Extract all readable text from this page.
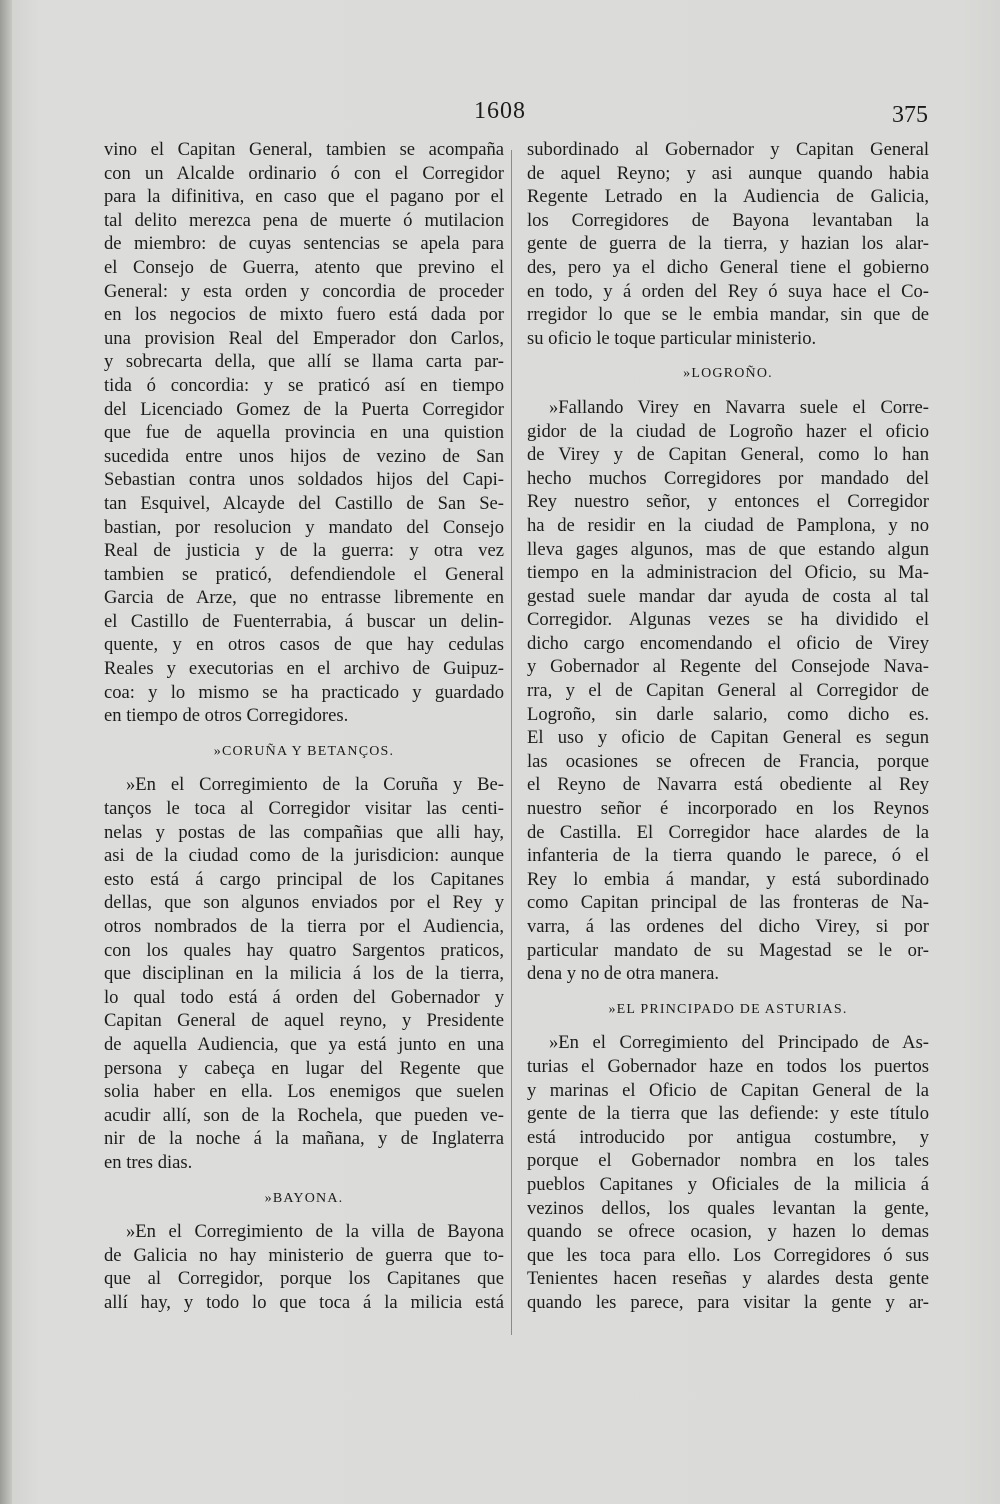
1608	375
vino el Capitan General, tambien se acompaña
con un Alcalde ordinario ó con el Corregidor
para la difinitiva, en caso que el pagano por el
tal delito merezca pena de muerte ó mutilacion
de miembro: de cuyas sentencias se apela para
el Consejo de Guerra, atento que previno el
General: y esta orden y concordia de proceder
en los negocios de mixto fuero está dada por
una provision Real del Emperador don Carlos,
y sobrecarta della, que allí se llama carta par-
tida ó concordia: y se praticó así en tiempo
del Licenciado Gomez de la Puerta Corregidor
que fue de aquella provincia en una quistion
sucedida entre unos hijos de vezino de San
Sebastian contra unos soldados hijos del Capi-
tan Esquivel, Alcayde del Castillo de San Se-
bastian, por resolucion y mandato del Consejo
Real de justicia y de la guerra: y otra vez
tambien se praticó, defendiendole el General
Garcia de Arze, que no entrasse libremente en
el Castillo de Fuenterrabia, á buscar un delin-
quente, y en otros casos de que hay cedulas
Reales y executorias en el archivo de Guipuz-
coa: y lo mismo se ha practicado y guardado
en tiempo de otros Corregidores.
»CORUÑA Y BETANÇOS.
»En el Corregimiento de la Coruña y Be-
tanços le toca al Corregidor visitar las centi-
nelas y postas de las compañias que alli hay,
asi de la ciudad como de la jurisdicion: aunque
esto está á cargo principal de los Capitanes
dellas, que son algunos enviados por el Rey y
otros nombrados de la tierra por el Audiencia,
con los quales hay quatro Sargentos praticos,
que disciplinan en la milicia á los de la tierra,
lo qual todo está á orden del Gobernador y
Capitan General de aquel reyno, y Presidente
de aquella Audiencia, que ya está junto en una
persona y cabeça en lugar del Regente que
solia haber en ella. Los enemigos que suelen
acudir allí, son de la Rochela, que pueden ve-
nir de la noche á la mañana, y de Inglaterra
en tres dias.
»BAYONA.
»En el Corregimiento de la villa de Bayona
de Galicia no hay ministerio de guerra que to-
que al Corregidor, porque los Capitanes que
allí hay, y todo lo que toca á la milicia está
subordinado al Gobernador y Capitan General
de aquel Reyno; y asi aunque quando habia
Regente Letrado en la Audiencia de Galicia,
los Corregidores de Bayona levantaban la
gente de guerra de la tierra, y hazian los alar-
des, pero ya el dicho General tiene el gobierno
en todo, y á orden del Rey ó suya hace el Co-
rregidor lo que se le embia mandar, sin que de
su oficio le toque particular ministerio.
»LOGROÑO.
»Fallando Virey en Navarra suele el Corre-
gidor de la ciudad de Logroño hazer el oficio
de Virey y de Capitan General, como lo han
hecho muchos Corregidores por mandado del
Rey nuestro señor, y entonces el Corregidor
ha de residir en la ciudad de Pamplona, y no
lleva gages algunos, mas de que estando algun
tiempo en la administracion del Oficio, su Ma-
gestad suele mandar dar ayuda de costa al tal
Corregidor. Algunas vezes se ha dividido el
dicho cargo encomendando el oficio de Virey
y Gobernador al Regente del Consejode Nava-
rra, y el de Capitan General al Corregidor de
Logroño, sin darle salario, como dicho es.
El uso y oficio de Capitan General es segun
las ocasiones se ofrecen de Francia, porque
el Reyno de Navarra está obediente al Rey
nuestro señor é incorporado en los Reynos
de Castilla. El Corregidor hace alardes de la
infanteria de la tierra quando le parece, ó el
Rey lo embia á mandar, y está subordinado
como Capitan principal de las fronteras de Na-
varra, á las ordenes del dicho Virey, si por
particular mandato de su Magestad se le or-
dena y no de otra manera.
»EL PRINCIPADO DE ASTURIAS.
»En el Corregimiento del Principado de As-
turias el Gobernador haze en todos los puertos
y marinas el Oficio de Capitan General de la
gente de la tierra que las defiende: y este título
está introducido por antigua costumbre, y
porque el Gobernador nombra en los tales
pueblos Capitanes y Oficiales de la milicia á
vezinos dellos, los quales levantan la gente,
quando se ofrece ocasion, y hazen lo demas
que les toca para ello. Los Corregidores ó sus
Tenientes hacen reseñas y alardes desta gente
quando les parece, para visitar la gente y ar-
